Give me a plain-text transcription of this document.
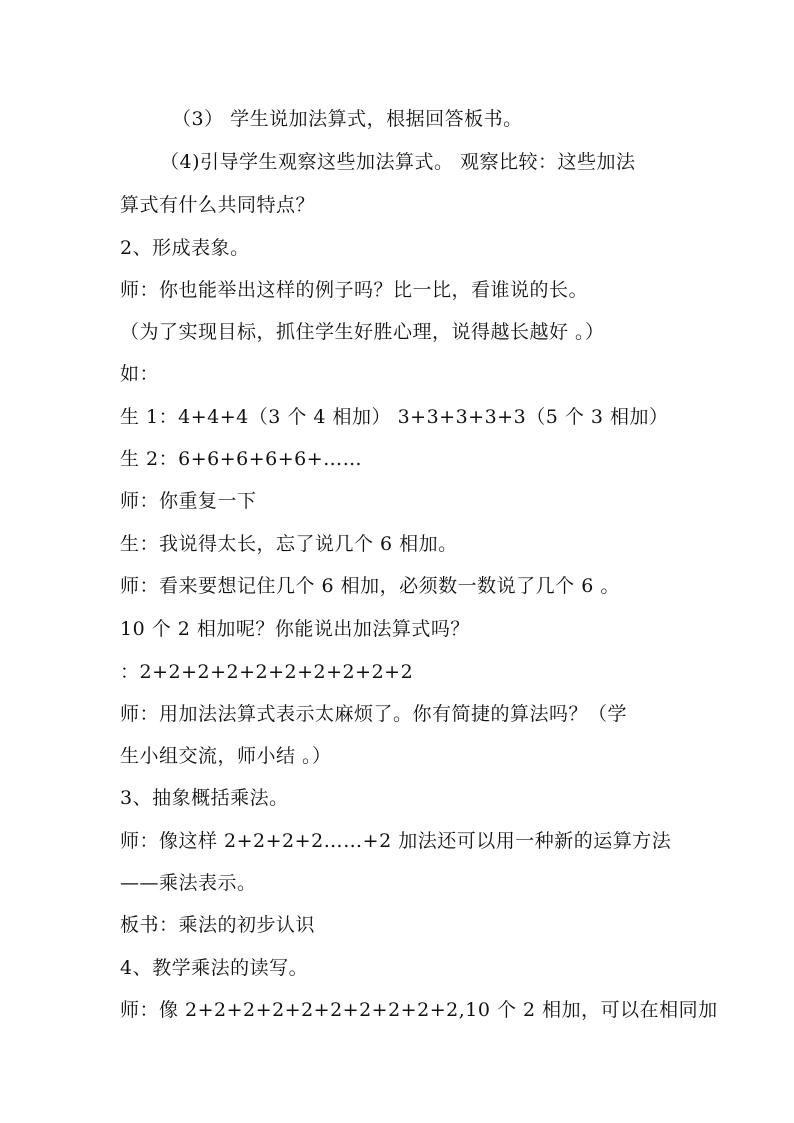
（3） 学生说加法算式，根据回答板书。
（4)引导学生观察这些加法算式。 观察比较：这些加法
算式有什么共同特点？
2、形成表象。
师：你也能举出这样的例子吗？比一比，看谁说的长。
（为了实现目标，抓住学生好胜心理，说得越长越好 。）
如：
生 1：4+4+4（3 个 4 相加） 3+3+3+3+3（5 个 3 相加）
生 2：6+6+6+6+6+……
师：你重复一下
生：我说得太长，忘了说几个 6 相加。
师：看来要想记住几个 6 相加，必须数一数说了几个 6 。
10 个 2 相加呢？你能说出加法算式吗？
：2+2+2+2+2+2+2+2+2+2
师：用加法法算式表示太麻烦了。你有简捷的算法吗？（学
生小组交流，师小结 。）
3、抽象概括乘法。
师：像这样 2+2+2+2……+2 加法还可以用一种新的运算方法
——乘法表示。
板书：乘法的初步认识
4、教学乘法的读写。
师：像 2+2+2+2+2+2+2+2+2+2,10 个 2 相加，可以在相同加
